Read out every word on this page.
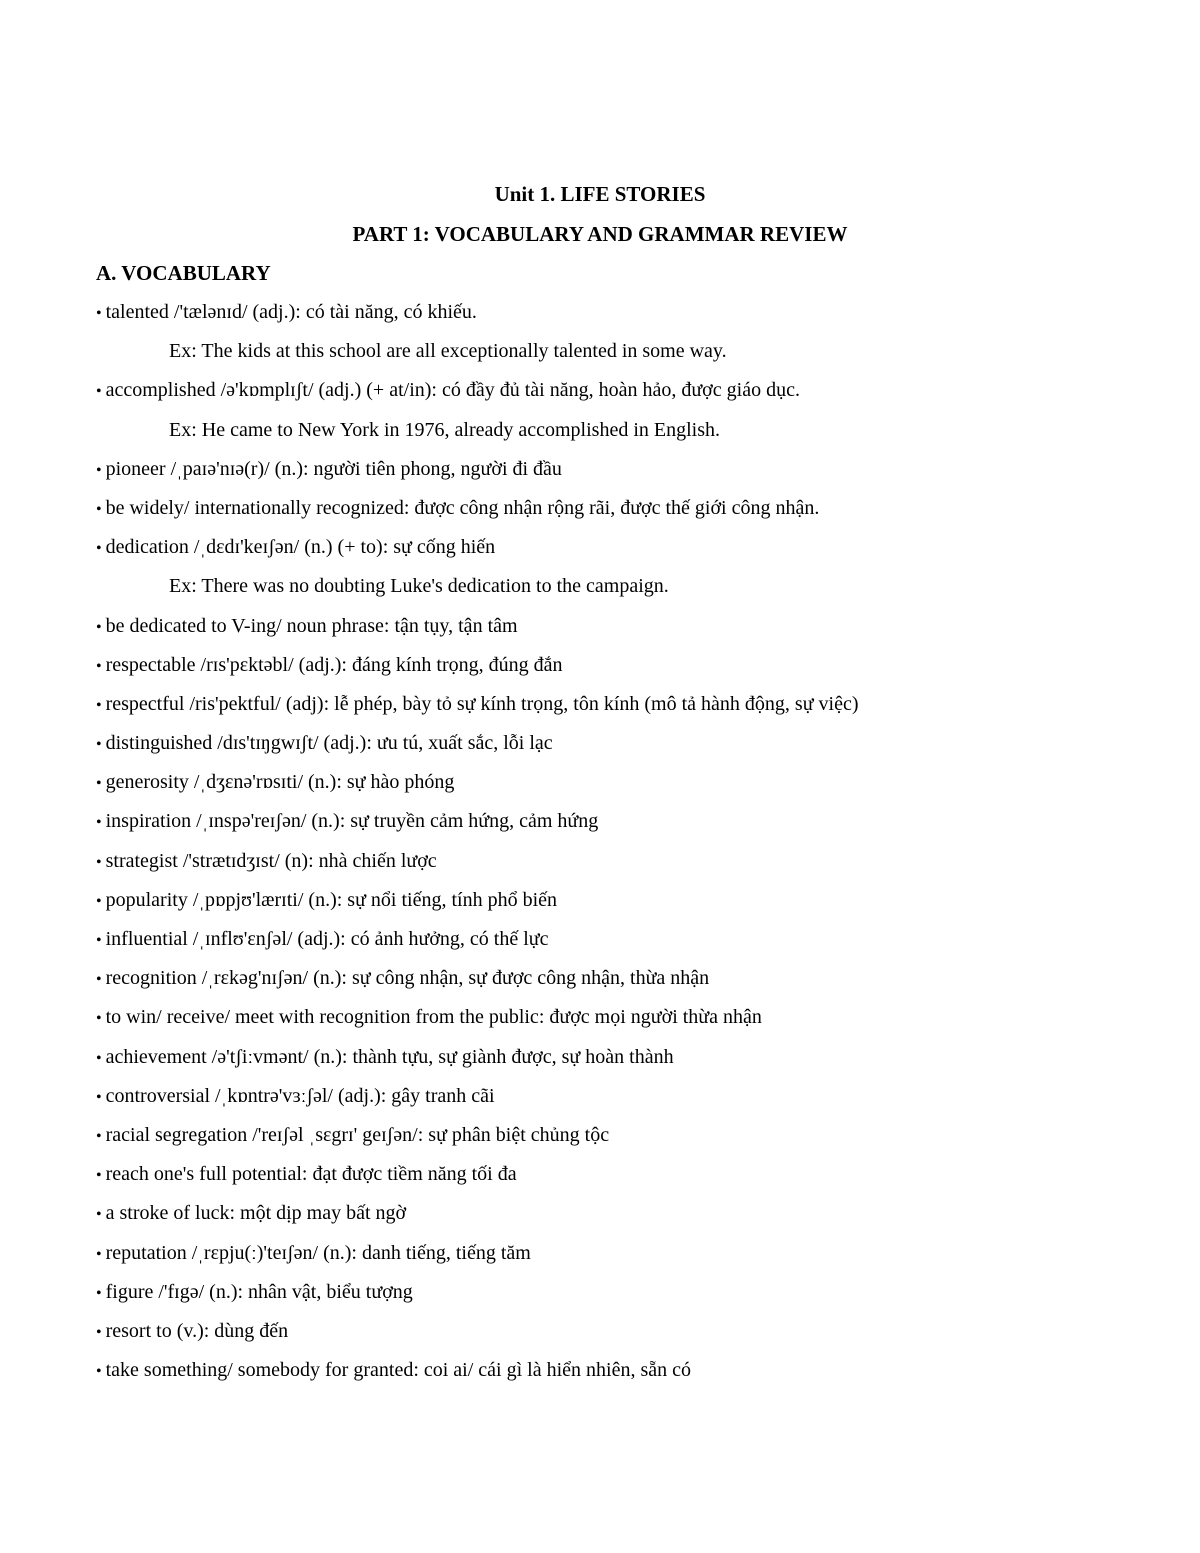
Unit 1. LIFE STORIES
PART 1: VOCABULARY AND GRAMMAR REVIEW
A. VOCABULARY
• talented /'tælənɪd/ (adj.): có tài năng, có khiếu.
Ex: The kids at this school are all exceptionally talented in some way.
• accomplished /ə'kɒmplɪʃt/ (adj.) (+ at/in): có đầy đủ tài năng, hoàn hảo, được giáo dục.
Ex: He came to New York in 1976, already accomplished in English.
• pioneer /ˌpaɪə'nɪə(r)/ (n.): người tiên phong, người đi đầu
• be widely/ internationally recognized: được công nhận rộng rãi, được thế giới công nhận.
• dedication /ˌdɛdɪ'keɪʃən/ (n.) (+ to): sự cống hiến
Ex: There was no doubting Luke's dedication to the campaign.
• be dedicated to V-ing/ noun phrase: tận tụy, tận tâm
• respectable /rɪs'pɛktəbl/ (adj.): đáng kính trọng, đúng đắn
• respectful /ris'pektful/ (adj): lễ phép, bày tỏ sự kính trọng, tôn kính (mô tả hành động, sự việc)
• distinguished /dɪs'tɪŋgwɪʃt/ (adj.): ưu tú, xuất sắc, lỗi lạc
• generosity /ˌdʒɛnə'rɒsɪti/ (n.): sự hào phóng
• inspiration /ˌɪnspə'reɪʃən/ (n.): sự truyền cảm hứng, cảm hứng
• strategist /'strætɪdʒɪst/ (n): nhà chiến lược
• popularity /ˌpɒpjʊ'lærɪti/ (n.): sự nổi tiếng, tính phổ biến
• influential /ˌɪnflʊ'ɛnʃəl/ (adj.): có ảnh hưởng, có thế lực
• recognition /ˌrɛkəg'nɪʃən/ (n.): sự công nhận, sự được công nhận, thừa nhận
• to win/ receive/ meet with recognition from the public: được mọi người thừa nhận
• achievement /ə'tʃiːvmənt/ (n.): thành tựu, sự giành được, sự hoàn thành
• controversial /ˌkɒntrə'vɜːʃəl/ (adj.): gây tranh cãi
• racial segregation /'reɪʃəl ˌsɛgrɪ' geɪʃən/: sự phân biệt chủng tộc
• reach one's full potential: đạt được tiềm năng tối đa
• a stroke of luck: một dịp may bất ngờ
• reputation /ˌrɛpju(ː)'teɪʃən/ (n.): danh tiếng, tiếng tăm
• figure /'fɪgə/ (n.): nhân vật, biểu tượng
• resort to (v.): dùng đến
• take something/ somebody for granted: coi ai/ cái gì là hiển nhiên, sẵn có
